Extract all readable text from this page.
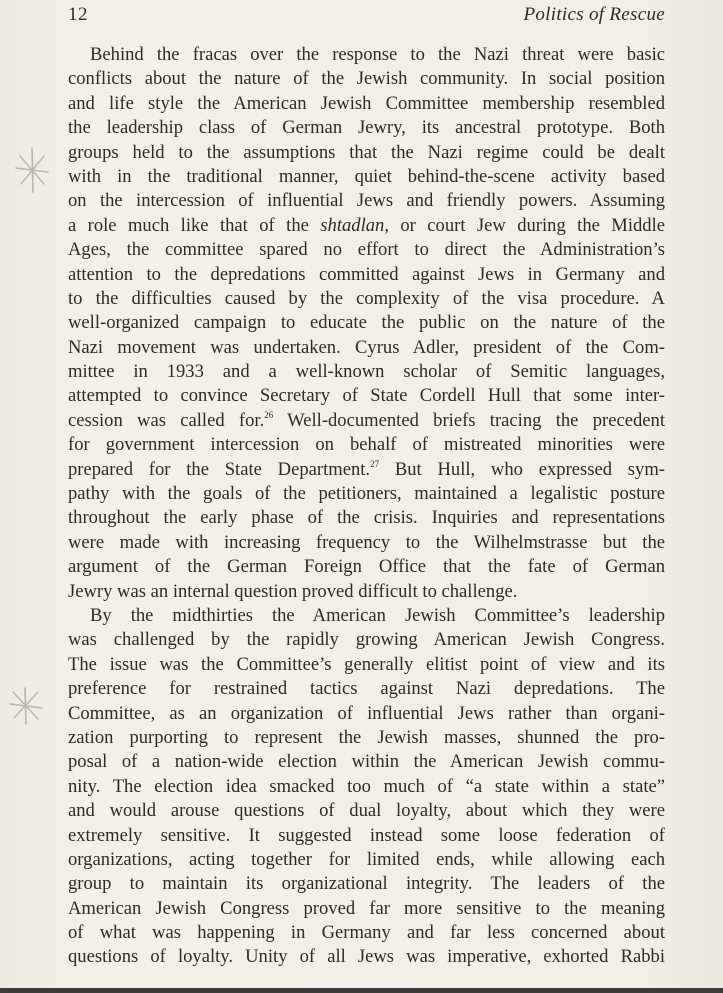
12	Politics of Rescue
Behind the fracas over the response to the Nazi threat were basic
conflicts about the nature of the Jewish community. In social position
and life style the American Jewish Committee membership resembled
the leadership class of German Jewry, its ancestral prototype. Both
groups held to the assumptions that the Nazi regime could be dealt
with in the traditional manner, quiet behind-the-scene activity based
on the intercession of influential Jews and friendly powers. Assuming
a role much like that of the shtadlan, or court Jew during the Middle
Ages, the committee spared no effort to direct the Administration’s
attention to the depredations committed against Jews in Germany and
to the difficulties caused by the complexity of the visa procedure. A
well-organized campaign to educate the public on the nature of the
Nazi movement was undertaken. Cyrus Adler, president of the Com-
mittee in 1933 and a well-known scholar of Semitic languages,
attempted to convince Secretary of State Cordell Hull that some inter-
cession was called for.$^{26}$ Well-documented briefs tracing the precedent
for government intercession on behalf of mistreated minorities were
prepared for the State Department.$^{27}$ But Hull, who expressed sym-
pathy with the goals of the petitioners, maintained a legalistic posture
throughout the early phase of the crisis. Inquiries and representations
were made with increasing frequency to the Wilhelmstrasse but the
argument of the German Foreign Office that the fate of German
Jewry was an internal question proved difficult to challenge.
By the midthirties the American Jewish Committee’s leadership
was challenged by the rapidly growing American Jewish Congress.
The issue was the Committee’s generally elitist point of view and its
preference for restrained tactics against Nazi depredations. The
Committee, as an organization of influential Jews rather than organi-
zation purporting to represent the Jewish masses, shunned the pro-
posal of a nation-wide election within the American Jewish commu-
nity. The election idea smacked too much of “a state within a state”
and would arouse questions of dual loyalty, about which they were
extremely sensitive. It suggested instead some loose federation of
organizations, acting together for limited ends, while allowing each
group to maintain its organizational integrity. The leaders of the
American Jewish Congress proved far more sensitive to the meaning
of what was happening in Germany and far less concerned about
questions of loyalty. Unity of all Jews was imperative, exhorted Rabbi
